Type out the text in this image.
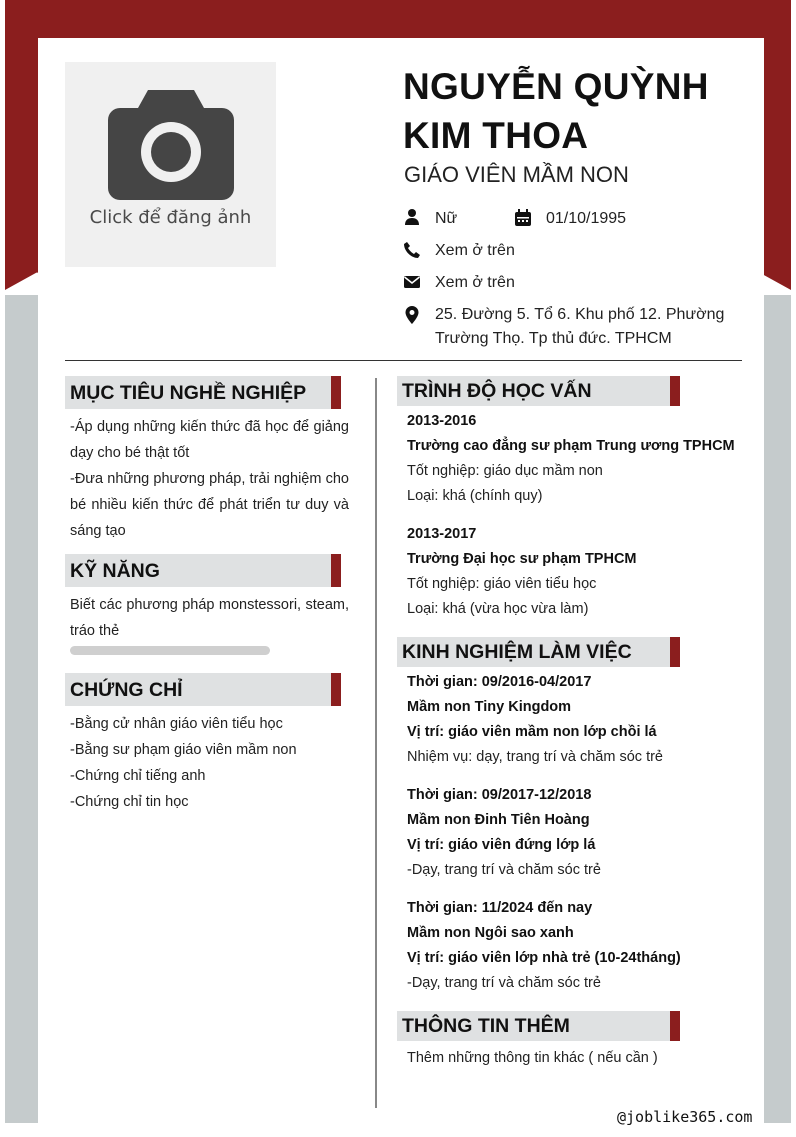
Click để đăng ảnh
NGUYỄN QUỲNH
KIM THOA
GIÁO VIÊN MẦM NON
Nữ	01/10/1995
Xem ở trên
Xem ở trên
25. Đường 5. Tổ 6. Khu phố 12. Phường
Trường Thọ. Tp thủ đức. TPHCM
MỤC TIÊU NGHỀ NGHIỆP
-Áp dụng những kiến thức đã học để giảng
dạy cho bé thật tốt
-Đưa những phương pháp, trải nghiệm cho
bé nhiều kiến thức để phát triển tư duy và
sáng tạo
KỸ NĂNG
Biết các phương pháp monstessori, steam,
tráo thẻ
CHỨNG CHỈ
-Bằng cử nhân giáo viên tiểu học
-Bằng sư phạm giáo viên mầm non
-Chứng chỉ tiếng anh
-Chứng chỉ tin học
TRÌNH ĐỘ HỌC VẤN
2013-2016
Trường cao đẳng sư phạm Trung ương TPHCM
Tốt nghiệp: giáo dục mầm non
Loại: khá (chính quy)
2013-2017
Trường Đại học sư phạm TPHCM
Tốt nghiệp: giáo viên tiểu học
Loại: khá (vừa học vừa làm)
KINH NGHIỆM LÀM VIỆC
Thời gian: 09/2016-04/2017
Mầm non Tiny Kingdom
Vị trí: giáo viên mầm non lớp chồi lá
Nhiệm vụ: dạy, trang trí và chăm sóc trẻ
Thời gian: 09/2017-12/2018
Mầm non Đinh Tiên Hoàng
Vị trí: giáo viên đứng lớp lá
-Dạy, trang trí và chăm sóc trẻ
Thời gian: 11/2024 đến nay
Mầm non Ngôi sao xanh
Vị trí: giáo viên lớp nhà trẻ (10-24tháng)
-Dạy, trang trí và chăm sóc trẻ
THÔNG TIN THÊM
Thêm những thông tin khác ( nếu cần )
@joblike365.com
